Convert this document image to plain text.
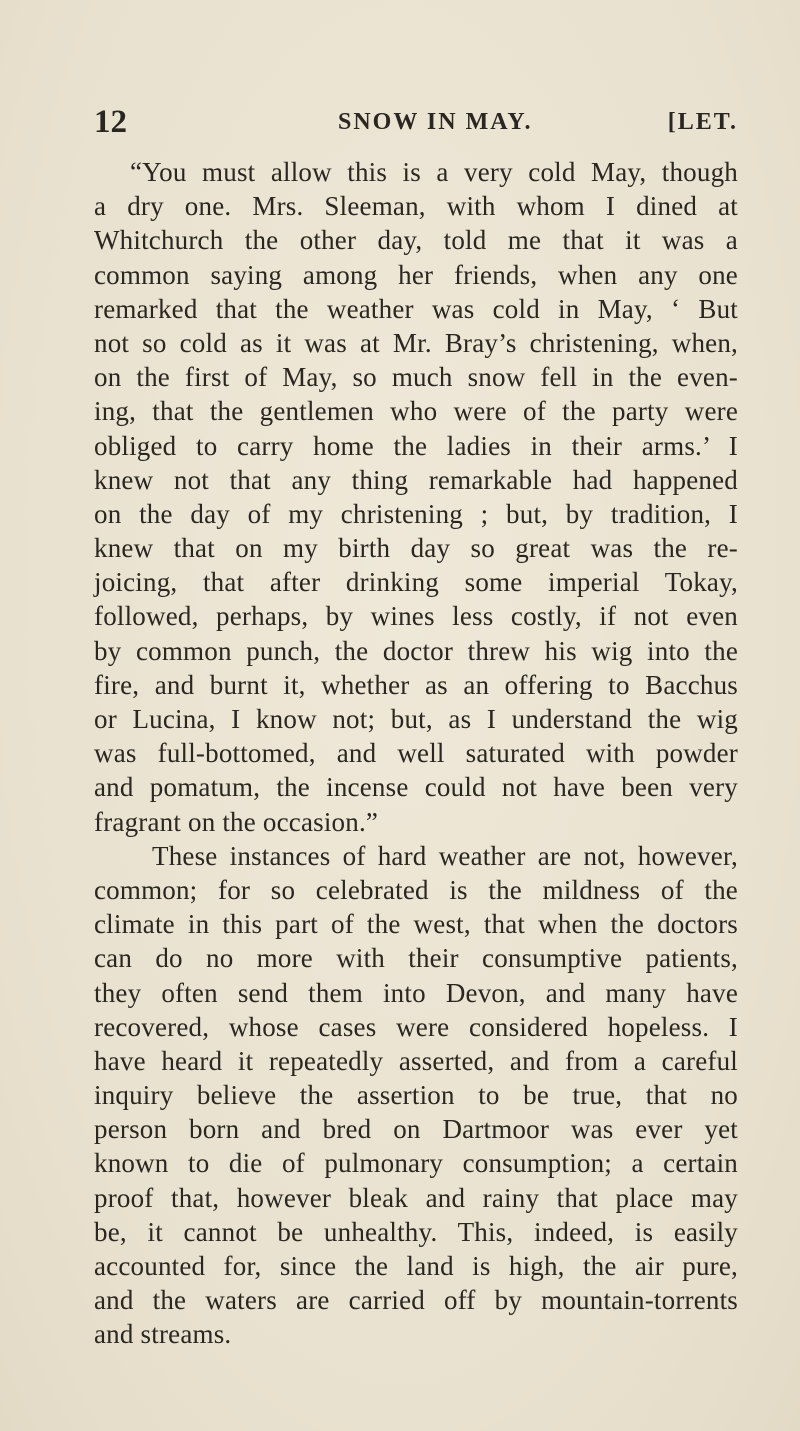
12	SNOW IN MAY.	[LET.
“You must allow this is a very cold May, though
a dry one. Mrs. Sleeman, with whom I dined at
Whitchurch the other day, told me that it was a
common saying among her friends, when any one
remarked that the weather was cold in May, ‘ But
not so cold as it was at Mr. Bray’s christening, when,
on the first of May, so much snow fell in the even-
ing, that the gentlemen who were of the party were
obliged to carry home the ladies in their arms.’ I
knew not that any thing remarkable had happened
on the day of my christening ; but, by tradition, I
knew that on my birth day so great was the re-
joicing, that after drinking some imperial Tokay,
followed, perhaps, by wines less costly, if not even
by common punch, the doctor threw his wig into the
fire, and burnt it, whether as an offering to Bacchus
or Lucina, I know not; but, as I understand the wig
was full-bottomed, and well saturated with powder
and pomatum, the incense could not have been very
fragrant on the occasion.”
These instances of hard weather are not, however,
common; for so celebrated is the mildness of the
climate in this part of the west, that when the doctors
can do no more with their consumptive patients,
they often send them into Devon, and many have
recovered, whose cases were considered hopeless. I
have heard it repeatedly asserted, and from a careful
inquiry believe the assertion to be true, that no
person born and bred on Dartmoor was ever yet
known to die of pulmonary consumption; a certain
proof that, however bleak and rainy that place may
be, it cannot be unhealthy. This, indeed, is easily
accounted for, since the land is high, the air pure,
and the waters are carried off by mountain-torrents
and streams.
